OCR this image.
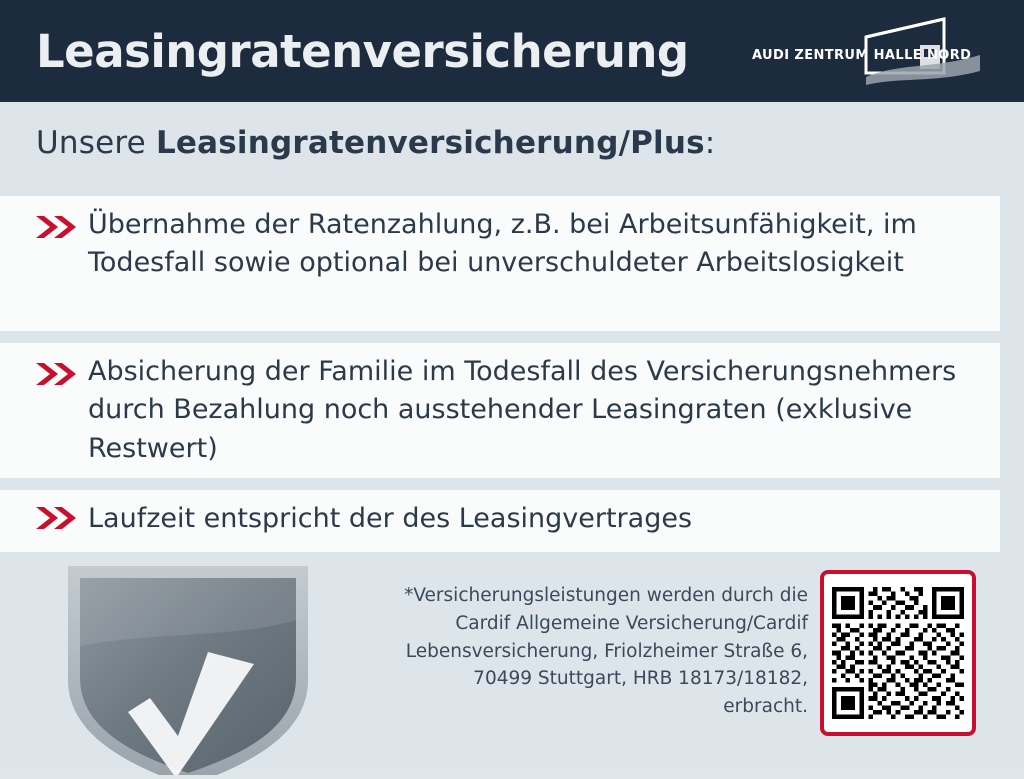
Leasingratenversicherung	AUDI ZENTRUM HALLE NORD
Unsere Leasingratenversicherung/Plus:
Übernahme der Ratenzahlung, z.B. bei Arbeitsunfähigkeit, im Todesfall sowie optional bei unverschuldeter Arbeitslosigkeit
Absicherung der Familie im Todesfall des Versicherungsnehmers durch Bezahlung noch ausstehender Leasingraten (exklusive Restwert)
Laufzeit entspricht der des Leasingvertrages
*Versicherungsleistungen werden durch die Cardif Allgemeine Versicherung/Cardif Lebensversicherung, Friolzheimer Straße 6, 70499 Stuttgart, HRB 18173/18182, erbracht.
